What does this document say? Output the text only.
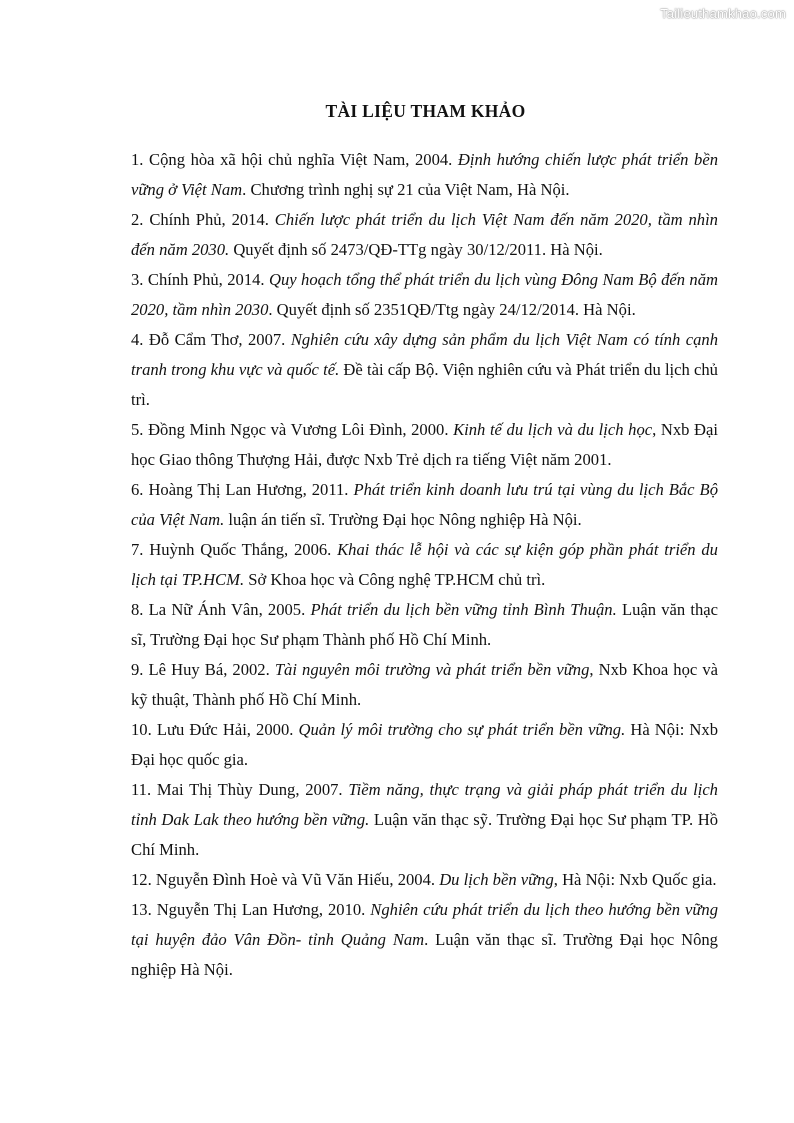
Tailieuthamkhao.com
TÀI LIỆU THAM KHẢO

1. Cộng hòa xã hội chủ nghĩa Việt Nam, 2004. Định hướng chiến lược phát triển bền vững ở Việt Nam. Chương trình nghị sự 21 của Việt Nam, Hà Nội.

2. Chính Phủ, 2014. Chiến lược phát triển du lịch Việt Nam đến năm 2020, tầm nhìn đến năm 2030. Quyết định số 2473/QĐ-TTg ngày 30/12/2011. Hà Nội.

3. Chính Phủ, 2014. Quy hoạch tổng thể phát triển du lịch vùng Đông Nam Bộ đến năm 2020, tầm nhìn 2030. Quyết định số 2351QĐ/Ttg ngày 24/12/2014. Hà Nội.

4. Đỗ Cẩm Thơ, 2007. Nghiên cứu xây dựng sản phẩm du lịch Việt Nam có tính cạnh tranh trong khu vực và quốc tế. Đề tài cấp Bộ. Viện nghiên cứu và Phát triển du lịch chủ trì.

5. Đồng Minh Ngọc và Vương Lôi Đình, 2000. Kinh tế du lịch và du lịch học, Nxb Đại học Giao thông Thượng Hải, được Nxb Trẻ dịch ra tiếng Việt năm 2001.

6. Hoàng Thị Lan Hương, 2011. Phát triển kinh doanh lưu trú tại vùng du lịch Bắc Bộ của Việt Nam. luận án tiến sĩ. Trường Đại học Nông nghiệp Hà Nội.

7. Huỳnh Quốc Thắng, 2006. Khai thác lễ hội và các sự kiện góp phần phát triển du lịch tại TP.HCM. Sở Khoa học và Công nghệ TP.HCM chủ trì.

8. La Nữ Ánh Vân, 2005. Phát triển du lịch bền vững tỉnh Bình Thuận. Luận văn thạc sĩ, Trường Đại học Sư phạm Thành phố Hồ Chí Minh.

9. Lê Huy Bá, 2002. Tài nguyên môi trường và phát triển bền vững, Nxb Khoa học và kỹ thuật, Thành phố Hồ Chí Minh.

10. Lưu Đức Hải, 2000. Quản lý môi trường cho sự phát triển bền vững. Hà Nội: Nxb Đại học quốc gia.

11. Mai Thị Thùy Dung, 2007. Tiềm năng, thực trạng và giải pháp phát triển du lịch tỉnh Dak Lak theo hướng bền vững. Luận văn thạc sỹ. Trường Đại học Sư phạm TP. Hồ Chí Minh.

12. Nguyễn Đình Hoè và Vũ Văn Hiếu, 2004. Du lịch bền vững, Hà Nội: Nxb Quốc gia.

13. Nguyễn Thị Lan Hương, 2010. Nghiên cứu phát triển du lịch theo hướng bền vững tại huyện đảo Vân Đồn- tỉnh Quảng Nam. Luận văn thạc sĩ. Trường Đại học Nông nghiệp Hà Nội.
